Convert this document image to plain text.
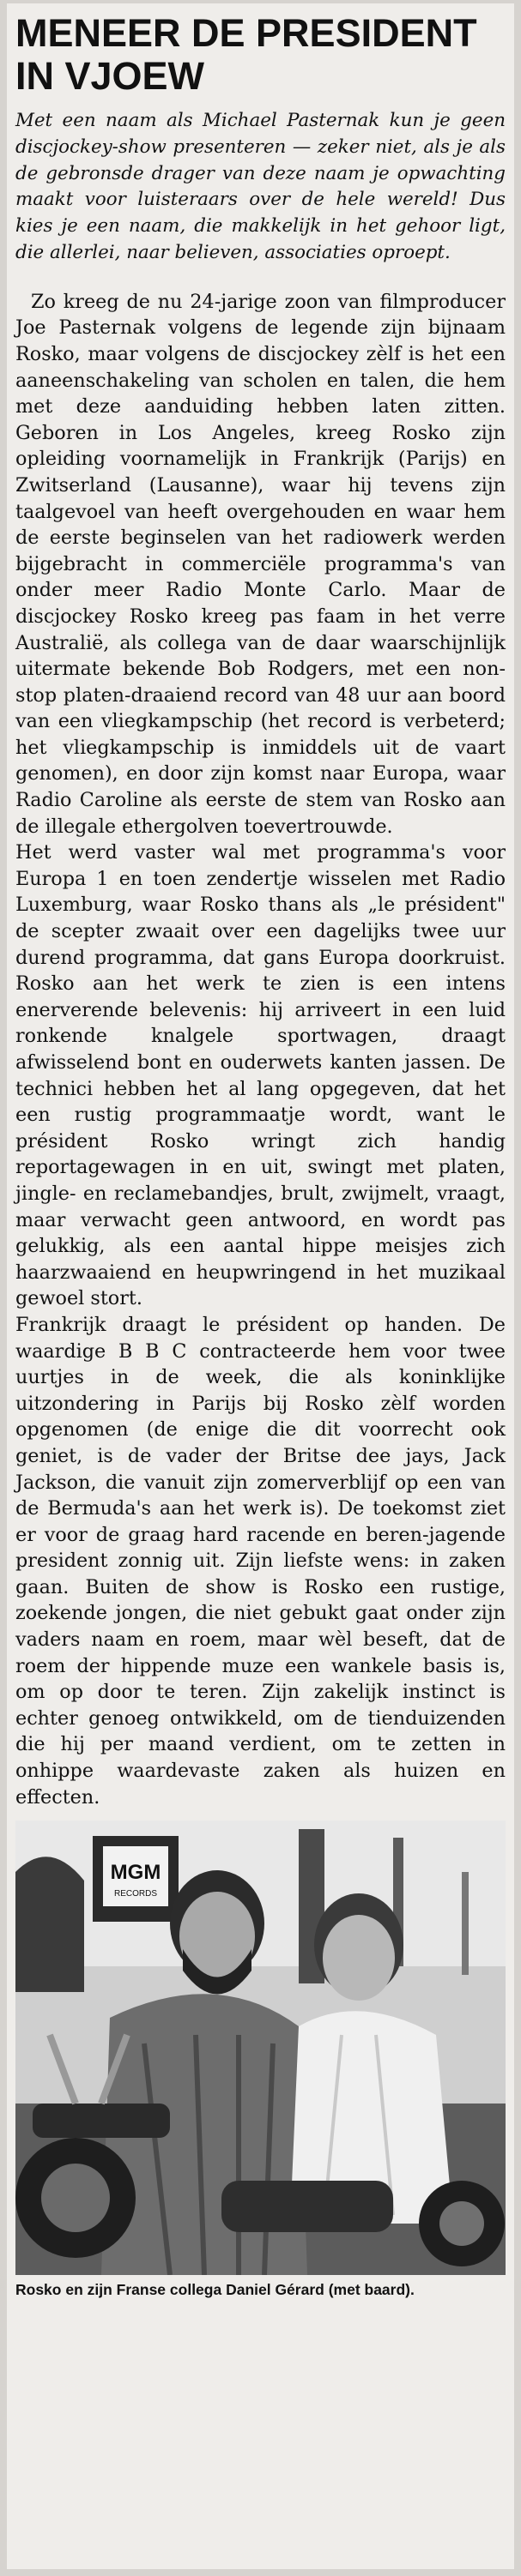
MENEER DE PRESIDENT
IN VJOEW

Met een naam als Michael Pasternak kun je geen discjockey-show presenteren — zeker niet, als je als de gebronsde drager van deze naam je opwachting maakt voor luisteraars over de hele wereld! Dus kies je een naam, die makkelijk in het gehoor ligt, die allerlei, naar believen, associaties oproept.

Zo kreeg de nu 24-jarige zoon van filmproducer Joe Pasternak volgens de legende zijn bijnaam Rosko, maar volgens de discjockey zèlf is het een aaneenschakeling van scholen en talen, die hem met deze aanduiding hebben laten zitten. Geboren in Los Angeles, kreeg Rosko zijn opleiding voornamelijk in Frankrijk (Parijs) en Zwitserland (Lausanne), waar hij tevens zijn taalgevoel van heeft overgehouden en waar hem de eerste beginselen van het radiowerk werden bijgebracht in commerciële programma's van onder meer Radio Monte Carlo. Maar de discjockey Rosko kreeg pas faam in het verre Australië, als collega van de daar waarschijnlijk uitermate bekende Bob Rodgers, met een non-stop platen-draaiend record van 48 uur aan boord van een vliegkampschip (het record is verbeterd; het vliegkampschip is inmiddels uit de vaart genomen), en door zijn komst naar Europa, waar Radio Caroline als eerste de stem van Rosko aan de illegale ethergolven toevertrouwde.

Het werd vaster wal met programma's voor Europa 1 en toen zendertje wisselen met Radio Luxemburg, waar Rosko thans als „le président" de scepter zwaait over een dagelijks twee uur durend programma, dat gans Europa doorkruist. Rosko aan het werk te zien is een intens enerverende belevenis: hij arriveert in een luid ronkende knalgele sportwagen, draagt afwisselend bont en ouderwets kanten jassen. De technici hebben het al lang opgegeven, dat het een rustig programmaatje wordt, want le président Rosko wringt zich handig reportagewagen in en uit, swingt met platen, jingle- en reclamebandjes, brult, zwijmelt, vraagt, maar verwacht geen antwoord, en wordt pas gelukkig, als een aantal hippe meisjes zich haarzwaaiend en heupwringend in het muzikaal gewoel stort.

Frankrijk draagt le président op handen. De waardige B B C contracteerde hem voor twee uurtjes in de week, die als koninklijke uitzondering in Parijs bij Rosko zèlf worden opgenomen (de enige die dit voorrecht ook geniet, is de vader der Britse dee jays, Jack Jackson, die vanuit zijn zomerverblijf op een van de Bermuda's aan het werk is). De toekomst ziet er voor de graag hard racende en beren-jagende president zonnig uit. Zijn liefste wens: in zaken gaan. Buiten de show is Rosko een rustige, zoekende jongen, die niet gebukt gaat onder zijn vaders naam en roem, maar wèl beseft, dat de roem der hippende muze een wankele basis is, om op door te teren. Zijn zakelijk instinct is echter genoeg ontwikkeld, om de tienduizenden die hij per maand verdient, om te zetten in onhippe waardevaste zaken als huizen en effecten.

MGM
RECORDS
Rosko en zijn Franse collega Daniel Gérard (met baard).
